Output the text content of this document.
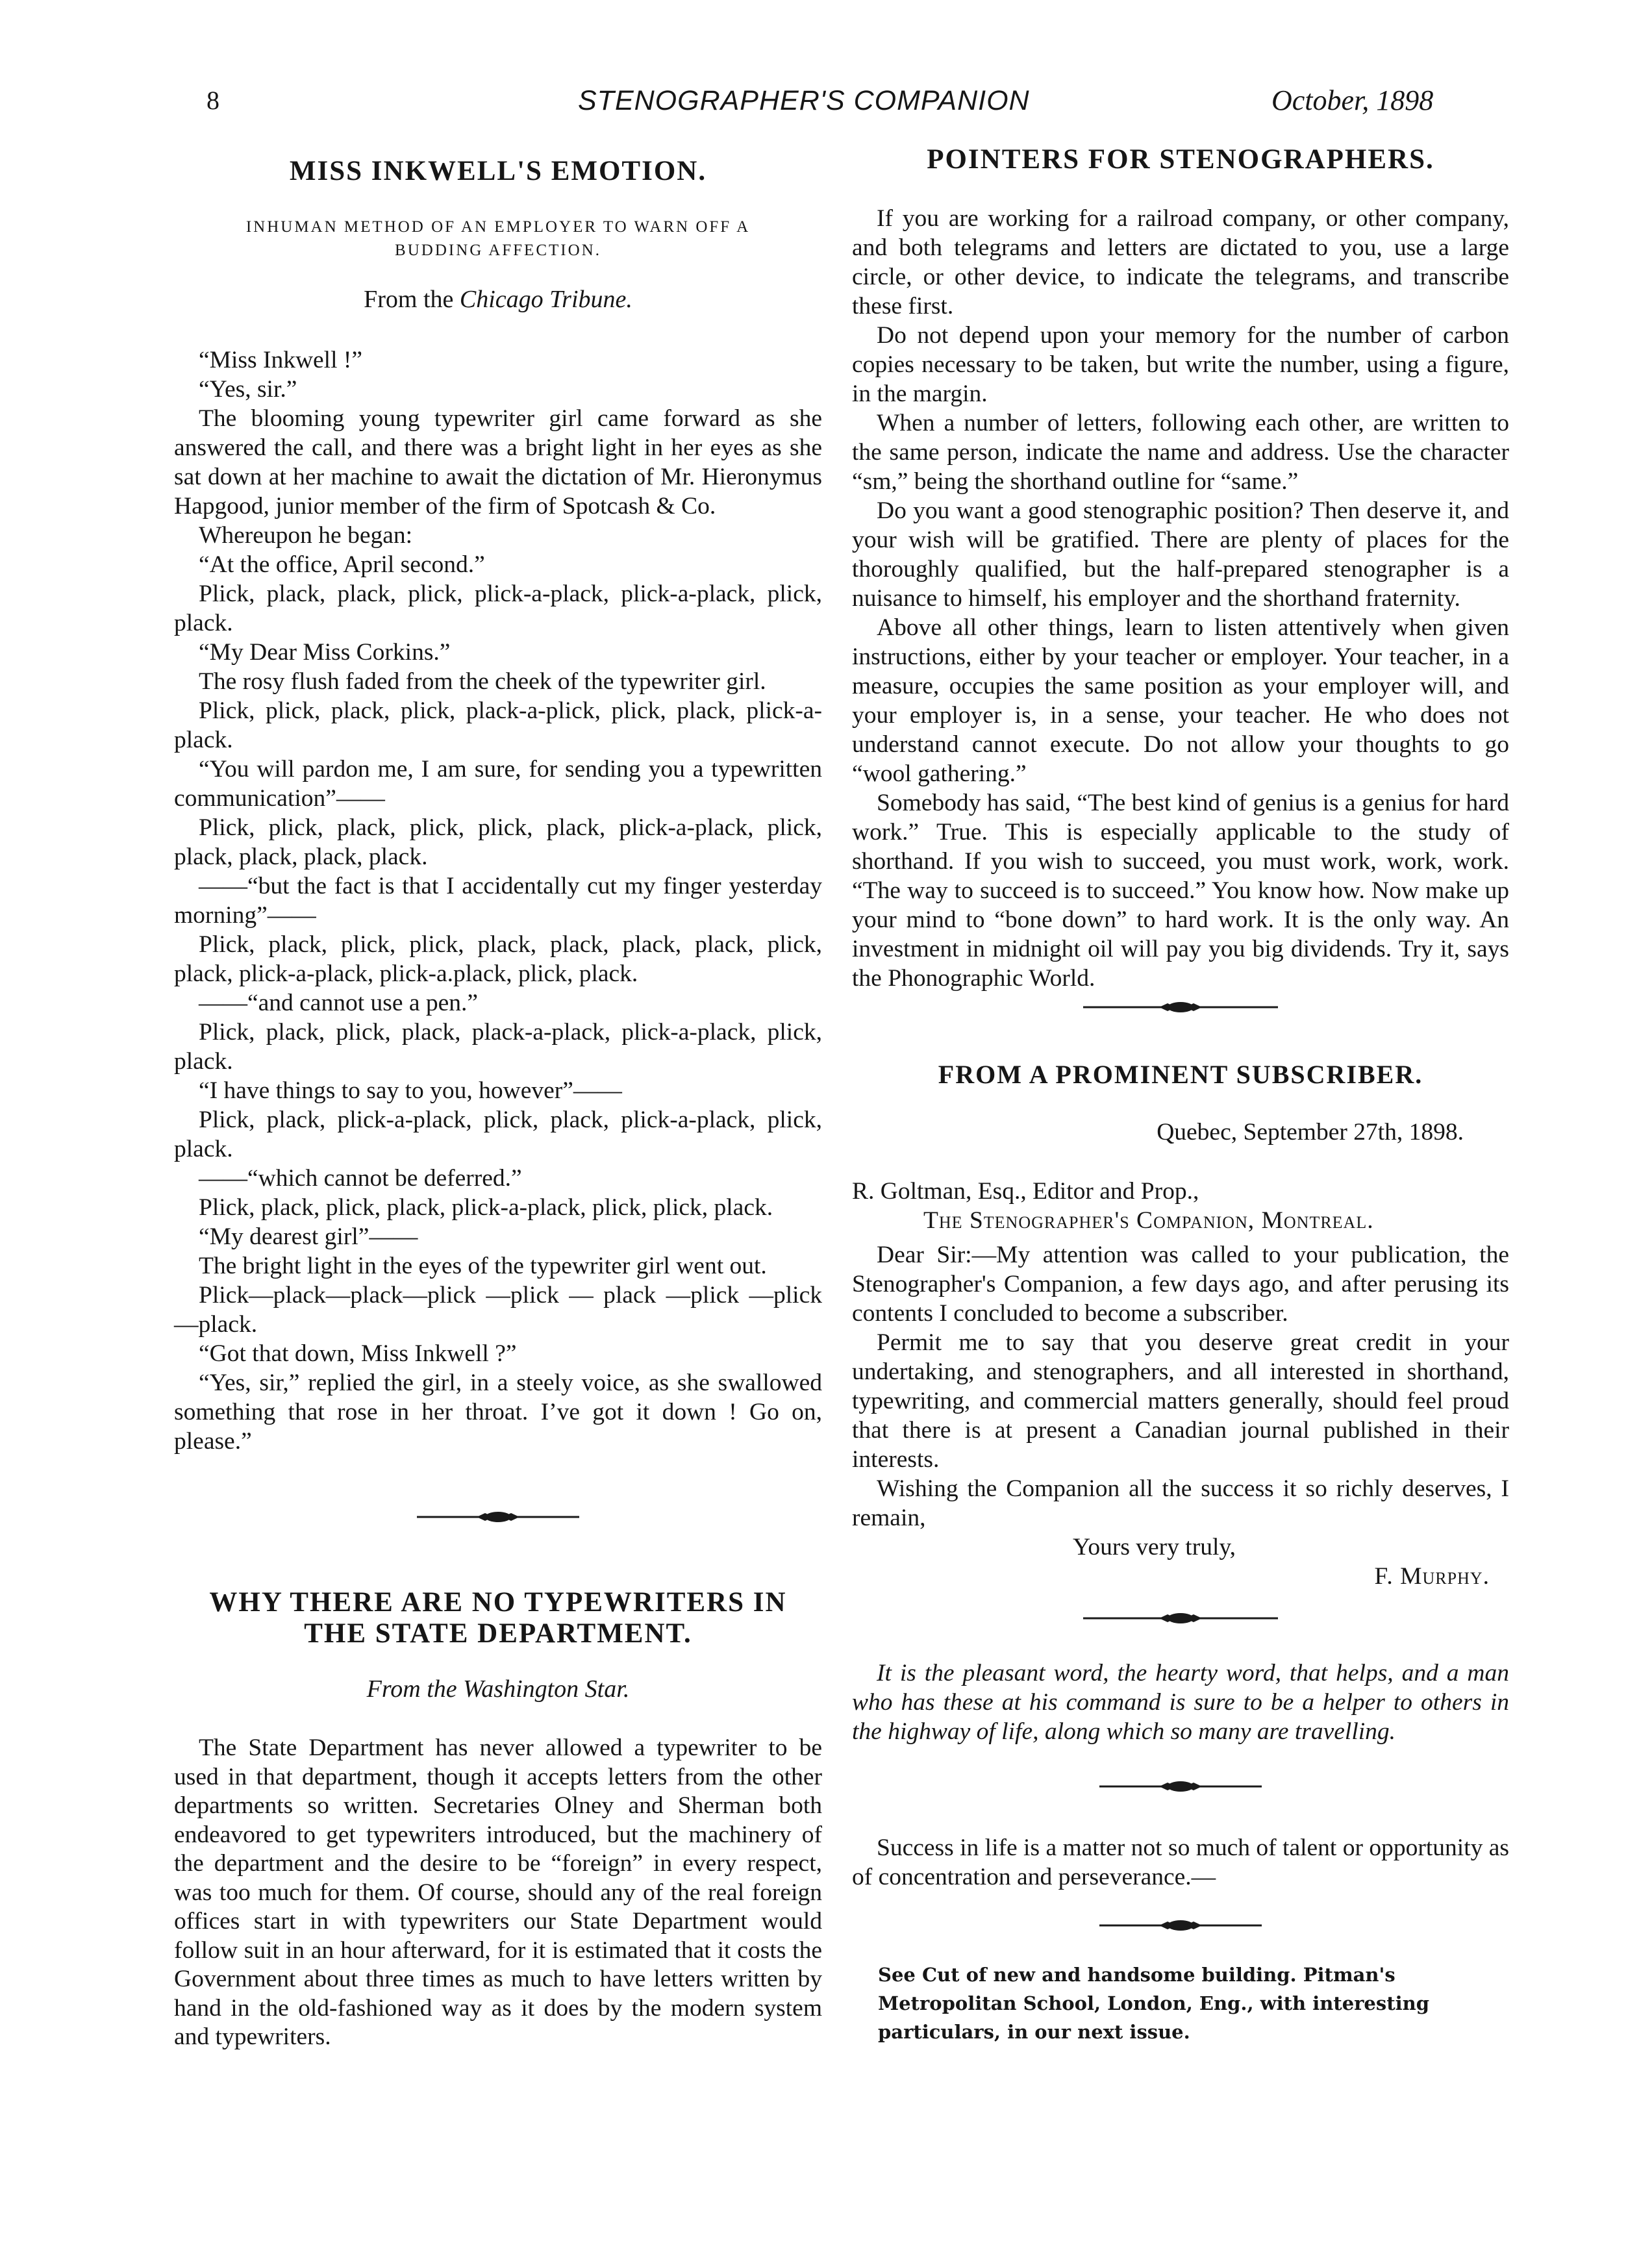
8	STENOGRAPHER'S COMPANION	October, 1898
MISS INKWELL'S EMOTION.

INHUMAN METHOD OF AN EMPLOYER TO WARN OFF A BUDDING AFFECTION.

From the Chicago Tribune.

“Miss Inkwell !”

“Yes, sir.”

The blooming young typewriter girl came forward as she answered the call, and there was a bright light in her eyes as she sat down at her machine to await the dictation of Mr. Hieronymus Hapgood, junior member of the firm of Spotcash & Co.

Whereupon he began:

“At the office, April second.”

Plick, plack, plack, plick, plick-a-plack, plick-a-plack, plick, plack.

“My Dear Miss Corkins.”

The rosy flush faded from the cheek of the typewriter girl.

Plick, plick, plack, plick, plack-a-plick, plick, plack, plick-a-plack.

“You will pardon me, I am sure, for sending you a typewritten communication”——

Plick, plick, plack, plick, plick, plack, plick-a-plack, plick, plack, plack, plack, plack.

——“but the fact is that I accidentally cut my finger yesterday morning”——

Plick, plack, plick, plick, plack, plack, plack, plack, plick, plack, plick-a-plack, plick-a.plack, plick, plack.

——“and cannot use a pen.”

Plick, plack, plick, plack, plack-a-plack, plick-a-plack, plick, plack.

“I have things to say to you, however”——

Plick, plack, plick-a-plack, plick, plack, plick-a-plack, plick, plack.

——“which cannot be deferred.”

Plick, plack, plick, plack, plick-a-plack, plick, plick, plack.

“My dearest girl”——

The bright light in the eyes of the typewriter girl went out.

Plick—plack—plack—plick —plick — plack —plick —plick—plack.

“Got that down, Miss Inkwell ?”

“Yes, sir,” replied the girl, in a steely voice, as she swallowed something that rose in her throat. I’ve got it down ! Go on, please.”

WHY THERE ARE NO TYPEWRITERS IN
THE STATE DEPARTMENT.

From the Washington Star.

The State Department has never allowed a typewriter to be used in that department, though it accepts letters from the other departments so written. Secretaries Olney and Sherman both endeavored to get typewriters introduced, but the machinery of the department and the desire to be “foreign” in every respect, was too much for them. Of course, should any of the real foreign offices start in with typewriters our State Department would follow suit in an hour afterward, for it is estimated that it costs the Government about three times as much to have letters written by hand in the old-fashioned way as it does by the modern system and typewriters.

POINTERS FOR STENOGRAPHERS.

If you are working for a railroad company, or other company, and both telegrams and letters are dictated to you, use a large circle, or other device, to indicate the telegrams, and transcribe these first.

Do not depend upon your memory for the number of carbon copies necessary to be taken, but write the number, using a figure, in the margin.

When a number of letters, following each other, are written to the same person, indicate the name and address. Use the character “sm,” being the shorthand outline for “same.”

Do you want a good stenographic position? Then deserve it, and your wish will be gratified. There are plenty of places for the thoroughly qualified, but the half-prepared stenographer is a nuisance to himself, his employer and the shorthand fraternity.

Above all other things, learn to listen attentively when given instructions, either by your teacher or employer. Your teacher, in a measure, occupies the same position as your employer will, and your employer is, in a sense, your teacher. He who does not understand cannot execute. Do not allow your thoughts to go “wool gathering.”

Somebody has said, “The best kind of genius is a genius for hard work.” True. This is especially applicable to the study of shorthand. If you wish to succeed, you must work, work, work. “The way to succeed is to succeed.” You know how. Now make up your mind to “bone down” to hard work. It is the only way. An investment in midnight oil will pay you big dividends. Try it, says the Phonographic World.

FROM A PROMINENT SUBSCRIBER.

Quebec, September 27th, 1898.

R. Goltman, Esq., Editor and Prop.,

The Stenographer's Companion, Montreal.

Dear Sir:—My attention was called to your publication, the Stenographer's Companion, a few days ago, and after perusing its contents I concluded to become a subscriber.

Permit me to say that you deserve great credit in your undertaking, and stenographers, and all interested in shorthand, typewriting, and commercial matters generally, should feel proud that there is at present a Canadian journal published in their interests.

Wishing the Companion all the success it so richly deserves, I remain,

Yours very truly,

F. Murphy.

It is the pleasant word, the hearty word, that helps, and a man who has these at his command is sure to be a helper to others in the highway of life, along which so many are travelling.

Success in life is a matter not so much of talent or opportunity as of concentration and perseverance.—

See Cut of new and handsome building. Pitman's Metropolitan School, London, Eng., with interesting particulars, in our next issue.
